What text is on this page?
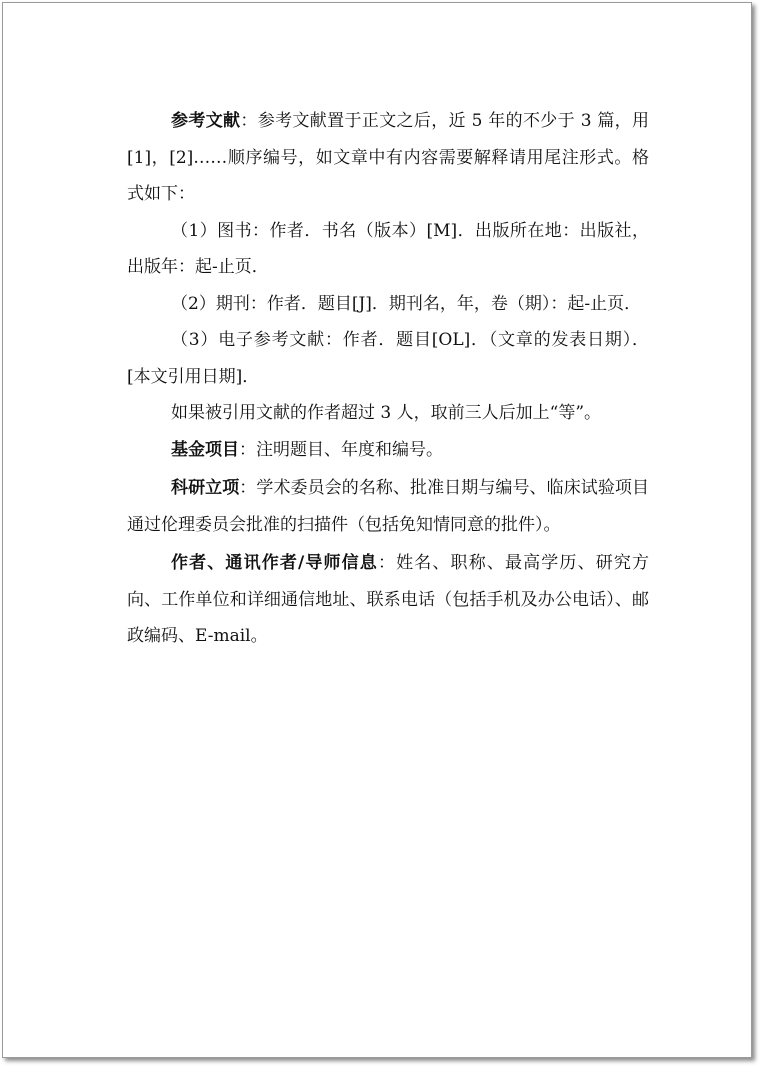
参考文献：参考文献置于正文之后，近 5 年的不少于 3 篇，用[1]，[2]……顺序编号，如文章中有内容需要解释请用尾注形式。格式如下：

（1）图书：作者．书名（版本）[M]．出版所在地：出版社，出版年：起-止页．

（2）期刊：作者．题目[J]．期刊名，年，卷（期）：起-止页．

（3）电子参考文献：作者．题目[OL]．（文章的发表日期）．[本文引用日期]．

如果被引用文献的作者超过 3 人，取前三人后加上“等”。

基金项目：注明题目、年度和编号。

科研立项：学术委员会的名称、批准日期与编号、临床试验项目通过伦理委员会批准的扫描件（包括免知情同意的批件）。

作者、通讯作者/导师信息：姓名、职称、最高学历、研究方向、工作单位和详细通信地址、联系电话（包括手机及办公电话）、邮政编码、E-mail。
